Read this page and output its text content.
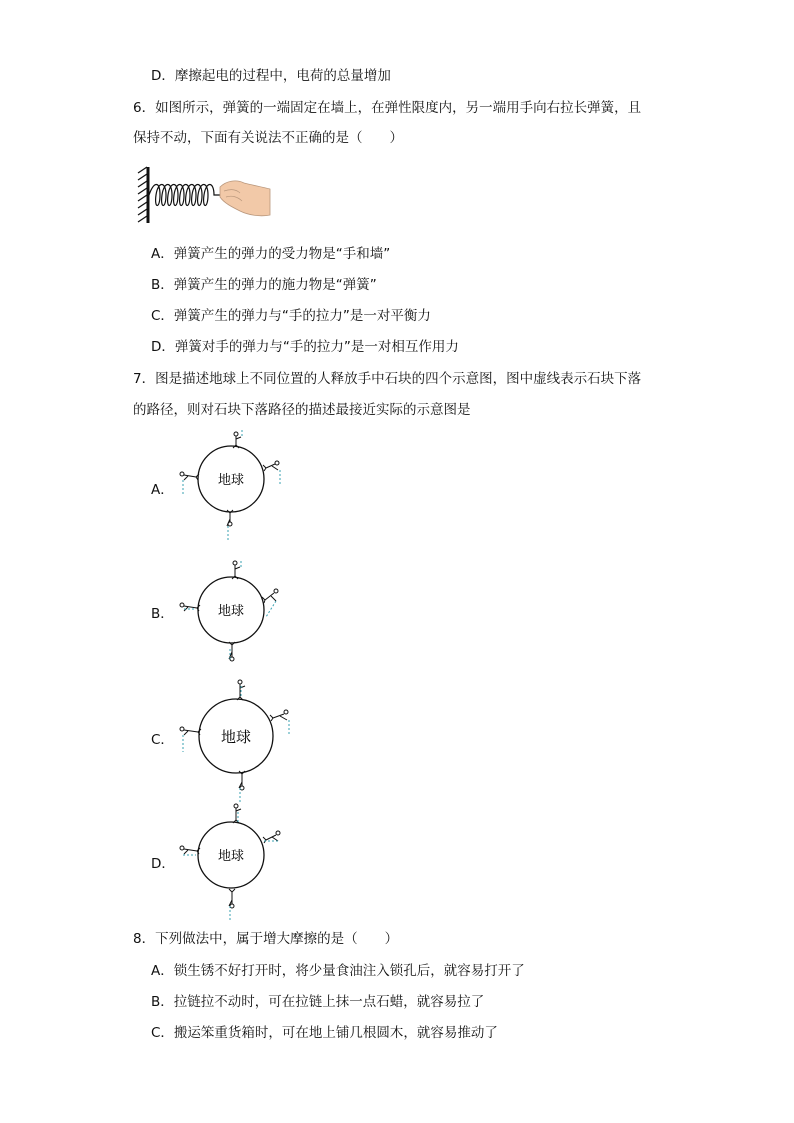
D．摩擦起电的过程中，电荷的总量增加
6．如图所示，弹簧的一端固定在墙上，在弹性限度内，另一端用手向右拉长弹簧，且
保持不动，下面有关说法不正确的是（　　）
A．弹簧产生的弹力的受力物是“手和墙”
B．弹簧产生的弹力的施力物是“弹簧”
C．弹簧产生的弹力与“手的拉力”是一对平衡力
D．弹簧对手的弹力与“手的拉力”是一对相互作用力
7．图是描述地球上不同位置的人释放手中石块的四个示意图，图中虚线表示石块下落
的路径，则对石块下落路径的描述最接近实际的示意图是
A．
地球
B．	地球
C．	地球
D．	地球
8．下列做法中，属于增大摩擦的是（　　）
A．锁生锈不好打开时，将少量食油注入锁孔后，就容易打开了
B．拉链拉不动时，可在拉链上抹一点石蜡，就容易拉了
C．搬运笨重货箱时，可在地上铺几根圆木，就容易推动了
